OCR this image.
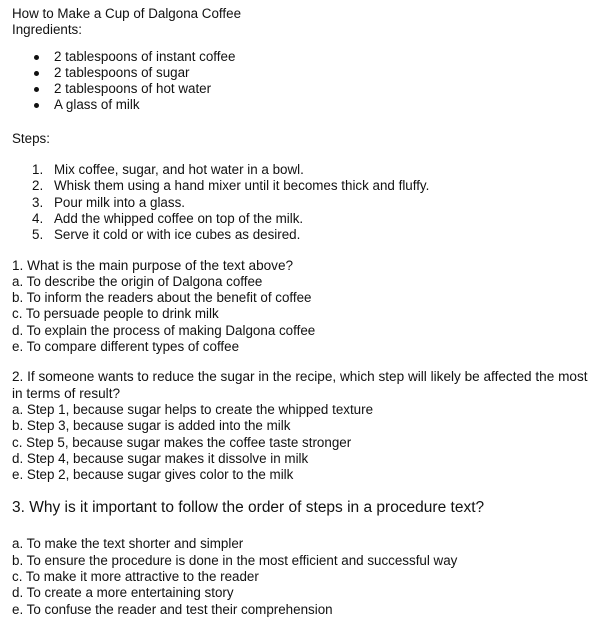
How to Make a Cup of Dalgona Coffee

Ingredients:

2 tablespoons of instant coffee
2 tablespoons of sugar
2 tablespoons of hot water
A glass of milk

Steps:

1. Mix coffee, sugar, and hot water in a bowl.
2. Whisk them using a hand mixer until it becomes thick and fluffy.
3. Pour milk into a glass.
4. Add the whipped coffee on top of the milk.
5. Serve it cold or with ice cubes as desired.

1. What is the main purpose of the text above?

a. To describe the origin of Dalgona coffee
b. To inform the readers about the benefit of coffee
c. To persuade people to drink milk
d. To explain the process of making Dalgona coffee
e. To compare different types of coffee

2. If someone wants to reduce the sugar in the recipe, which step will likely be affected the most in terms of result?

a. Step 1, because sugar helps to create the whipped texture
b. Step 3, because sugar is added into the milk
c. Step 5, because sugar makes the coffee taste stronger
d. Step 4, because sugar makes it dissolve in milk
e. Step 2, because sugar gives color to the milk

3. Why is it important to follow the order of steps in a procedure text?

a. To make the text shorter and simpler
b. To ensure the procedure is done in the most efficient and successful way
c. To make it more attractive to the reader
d. To create a more entertaining story
e. To confuse the reader and test their comprehension
